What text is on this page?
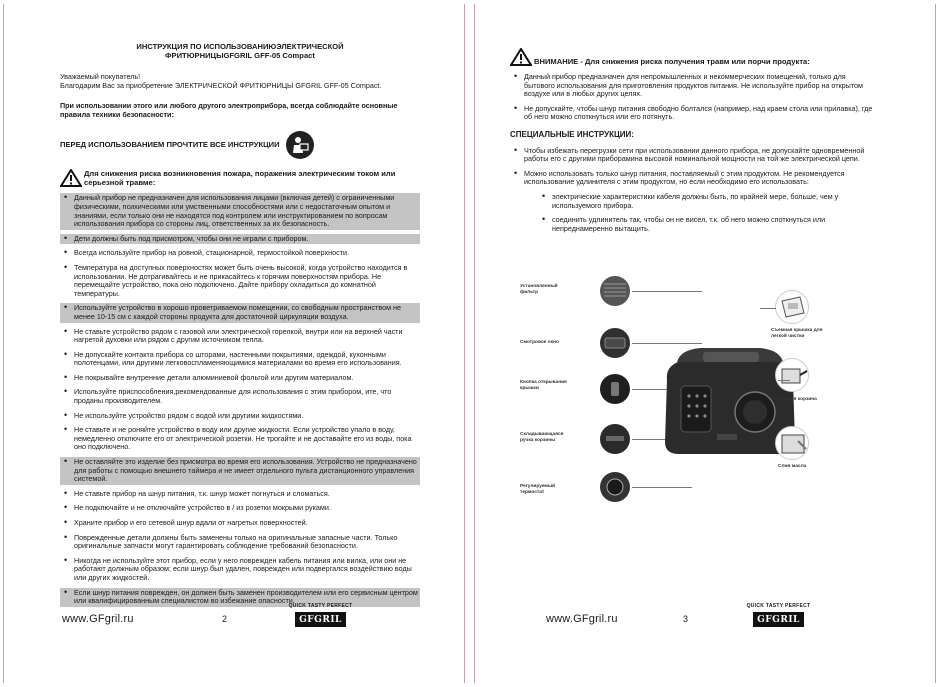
ИНСТРУКЦИЯ ПО ИСПОЛЬЗОВАНИЮЭЛЕКТРИЧЕСКОЙ
ФРИТЮРНИЦЫGFGRIL GFF-05 Compact
Уважаемый покупатель!
Благодарим Вас за приобретение ЭЛЕКТРИЧЕСКОЙ ФРИТЮРНИЦЫ GFGRIL GFF-05 Compact.
При использовании этого или любого другого электроприбора, всегда соблюдайте основные правила техники безопасности:
ПЕРЕД ИСПОЛЬЗОВАНИЕМ ПРОЧТИТЕ ВСЕ ИНСТРУКЦИИ
Для снижения риска возникновения пожара, поражения электрическим током или серьезной травме:
• Данный прибор не предназначен для использования лицами (включая детей) с ограниченными физическими, психическими или умственными способностями или с недостаточным опытом и знаниями, если только они не находятся под контролем или инструктированием по вопросам использования прибора со стороны лиц, ответственных за их безопасность.
• Дети должны быть под присмотром, чтобы они не играли с прибором.
• Всегда используйте прибор на ровной, стационарной, термостойкой поверхности.
• Температура на доступных поверхностях может быть очень высокой, когда устройство находится в использовании. Не дотрагивайтесь и не прикасайтесь к горячим поверхностям прибора. Не перемещайте устройство, пока оно подключено. Дайте прибору охладиться до комнатной температуры.
• Используйте устройство в хорошо проветриваемом помещении, со свободным пространством не менее 10-15 см с каждой стороны продукта для достаточной циркуляции воздуха.
• Не ставьте устройство рядом с газовой или электрической горелкой, внутри или на верхней части нагретой духовки или рядом с другим источником тепла.
• Не допускайте контакта прибора со шторами, настенными покрытиями, одеждой, кухонными полотенцами, или другими легковоспламеняющимися материалами во время его использования.
• Не покрывайте внутренние детали алюминиевой фольгой или другим материалом.
• Используйте приспособления,рекомендованные для использования с этим прибором, ите, что проданы производителем.
• Не используйте устройство рядом с водой или другими жидкостями.
• Не ставьте и не роняйте устройство в воду или другие жидкости. Если устройство упало в воду, немедленно отключите его от электрической розетки. Не трогайте и не доставайте его из воды, пока оно подключено.
• Не оставляйте это изделие без присмотра во время его использования. Устройство не предназначено для работы с помощью внешнего таймера и не имеет отдельного пульта дистанционного управления системой.
• Не ставьте прибор на шнур питания, т.к. шнур может погнуться и сломаться.
• Не подключайте и не отключайте устройство в / из розетки мокрыми руками.
• Храните прибор и его сетевой шнур вдали от нагретых поверхностей.
• Поврежденные детали должны быть заменены только на оригинальные запасные части. Только оригинальные запчасти могут гарантировать соблюдение требований безопасности.
• Никогда не используйте этот прибор, если у него поврежден кабель питания или вилка, или они не работают должным образом; если шнур был удален, поврежден или подвергался воздействию воды или других жидкостей.
• Если шнур питания поврежден, он должен быть заменен производителем или его сервисным центром или квалифицированным специалистом во избежание опасности.
www.GFgril.ru	2
QUICK TASTY PERFECT
GFGRIL
ВНИМАНИЕ - Для снижения риска получения травм или порчи продукта:
• Данный прибор предназначен для непромышленных и некоммерческих помещений, только для бытового использования для приготовления продуктов питания. Не используйте прибор на открытом воздухе или в любых других целях.
• Не допускайте, чтобы шнур питания свободно болтался (например, над краем стола или прилавка), где об него можно споткнуться или его потянуть.
СПЕЦИАЛЬНЫЕ ИНСТРУКЦИИ:
• Чтобы избежать перегрузки сети при использовании данного прибора, не допускайте одновременной работы его с другими приборамина высокой номинальной мощности на той же электрической цепи.
• Можно использовать только шнур питания, поставляемый с этим продуктом. Не рекомендуется использование удлинителя с этим продуктом, но если необходимо его использовать:
• электрические характеристики кабеля должны быть, по крайней мере, больше, чем у используемого прибора.
• соединить удлинитель так, чтобы он не висел, т.к. об него можно споткнуться или непреднамеренно вытащить.
Установленный фильтр
Смотровое окно
Кнопка открывания крышки
Складывающаяся ручка корзины
Регулируемый термостат
Съемная крышка для легкой чистки
Съемная корзина
Слив масла
www.GFgril.ru	3
QUICK TASTY PERFECT
GFGRIL
